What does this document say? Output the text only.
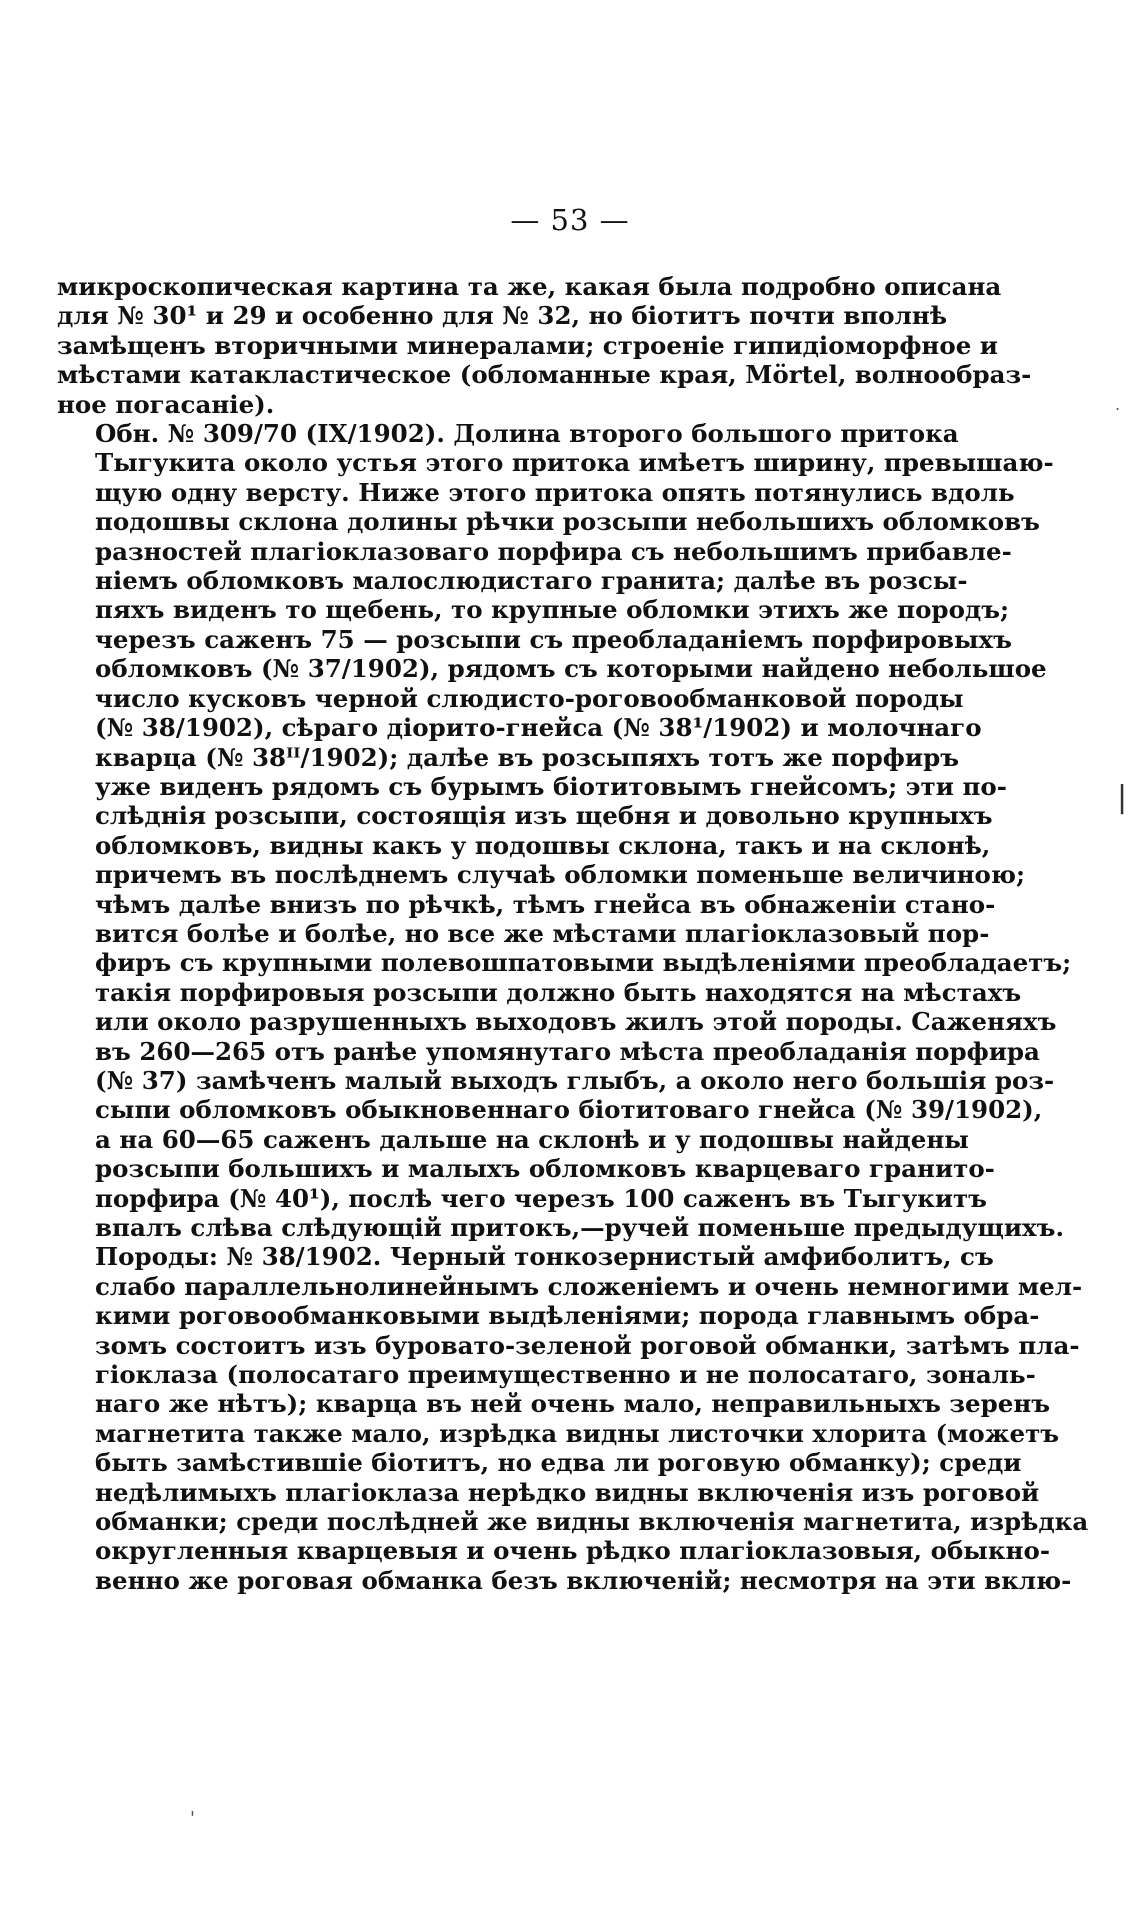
— 53 —
микроскопическая картина та же, какая была подробно описана
для № 30¹ и 29 и особенно для № 32, но біотитъ почти вполнѣ
замѣщенъ вторичными минералами; строеніе гипидіоморфное и
мѣстами катакластическое (обломанные края, Mörtel, волнообраз-
ное погасаніе).
Обн. № 309/70 (IX/1902). Долина второго большого притока
Тыгукита около устья этого притока имѣетъ ширину, превышаю-
щую одну версту. Ниже этого притока опять потянулись вдоль
подошвы склона долины рѣчки розсыпи небольшихъ обломковъ
разностей плагіоклазоваго порфира съ небольшимъ прибавле-
ніемъ обломковъ малослюдистаго гранита; далѣе въ розсы-
пяхъ виденъ то щебень, то крупные обломки этихъ же породъ;
черезъ саженъ 75 — розсыпи съ преобладаніемъ порфировыхъ
обломковъ (№ 37/1902), рядомъ съ которыми найдено небольшое
число кусковъ черной слюдисто-роговообманковой породы
(№ 38/1902), сѣраго діорито-гнейса (№ 38¹/1902) и молочнаго
кварца (№ 38ᴵᴵ/1902); далѣе въ розсыпяхъ тотъ же порфиръ
уже виденъ рядомъ съ бурымъ біотитовымъ гнейсомъ; эти по-
слѣднія розсыпи, состоящія изъ щебня и довольно крупныхъ
обломковъ, видны какъ у подошвы склона, такъ и на склонѣ,
причемъ въ послѣднемъ случаѣ обломки поменьше величиною;
чѣмъ далѣе внизъ по рѣчкѣ, тѣмъ гнейса въ обнаженіи стано-
вится болѣе и болѣе, но все же мѣстами плагіоклазовый пор-
фиръ съ крупными полевошпатовыми выдѣленіями преобладаетъ;
такія порфировыя розсыпи должно быть находятся на мѣстахъ
или около разрушенныхъ выходовъ жилъ этой породы. Саженяхъ
въ 260—265 отъ ранѣе упомянутаго мѣста преобладанія порфира
(№ 37) замѣченъ малый выходъ глыбъ, а около него большія роз-
сыпи обломковъ обыкновеннаго біотитоваго гнейса (№ 39/1902),
а на 60—65 саженъ дальше на склонѣ и у подошвы найдены
розсыпи большихъ и малыхъ обломковъ кварцеваго гранито-
порфира (№ 40¹), послѣ чего черезъ 100 саженъ въ Тыгукитъ
впалъ слѣва слѣдующій притокъ,—ручей поменьше предыдущихъ.
Породы: № 38/1902. Черный тонкозернистый амфиболитъ, съ
слабо параллельнолинейнымъ сложеніемъ и очень немногими мел-
кими роговообманковыми выдѣленіями; порода главнымъ обра-
зомъ состоитъ изъ буровато-зеленой роговой обманки, затѣмъ пла-
гіоклаза (полосатаго преимущественно и не полосатаго, зональ-
наго же нѣтъ); кварца въ ней очень мало, неправильныхъ зеренъ
магнетита также мало, изрѣдка видны листочки хлорита (можетъ
быть замѣстившіе біотитъ, но едва ли роговую обманку); среди
недѣлимыхъ плагіоклаза нерѣдко видны включенія изъ роговой
обманки; среди послѣдней же видны включенія магнетита, изрѣдка
округленныя кварцевыя и очень рѣдко плагіоклазовыя, обыкно-
венно же роговая обманка безъ включеній; несмотря на эти вклю-
.
|
'
